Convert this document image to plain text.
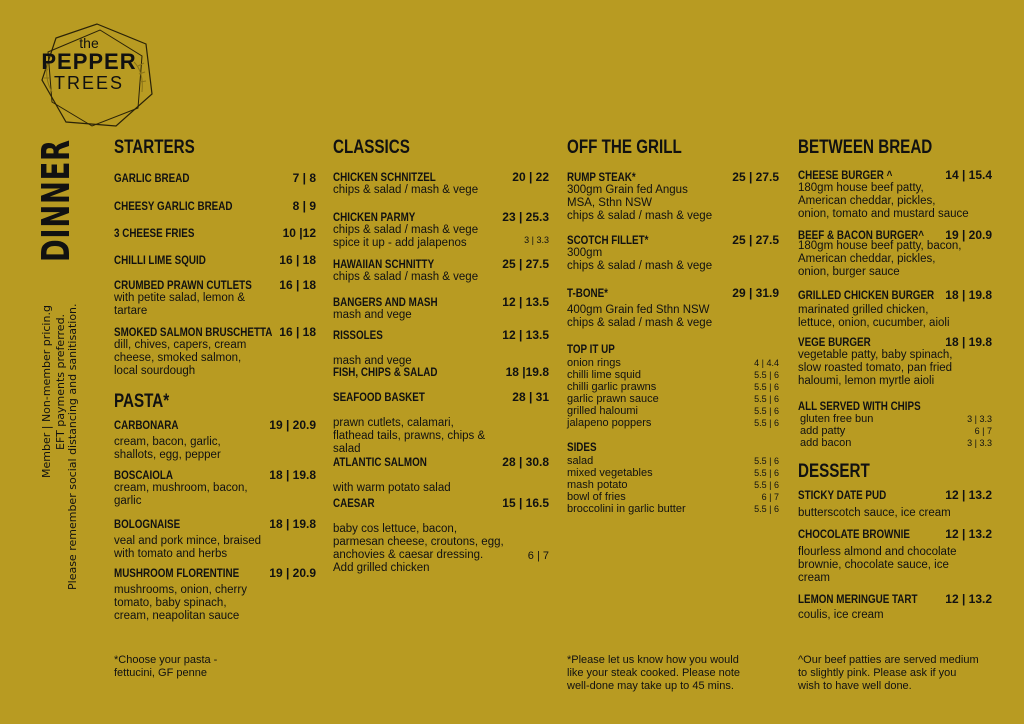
the
PEPPER
TREES
DINNER
Member | Non-member pricin.g EFT payments preferred. Please remember social distancing and sanitisation.
STARTERS
GARLIC BREAD	7 | 8
CHEESY GARLIC BREAD	8 | 9
3 CHEESE FRIES	10 |12
CHILLI LIME SQUID	16 | 18
CRUMBED PRAWN CUTLETS	16 | 18
with petite salad, lemon &
tartare
SMOKED SALMON BRUSCHETTA 16 | 18
dill, chives, capers, cream
cheese, smoked salmon,
local sourdough
PASTA*
CARBONARA	19 | 20.9
cream, bacon, garlic,
shallots, egg, pepper
BOSCAIOLA	18 | 19.8
cream, mushroom, bacon,
garlic
BOLOGNAISE	18 | 19.8
veal and pork mince, braised
with tomato and herbs
MUSHROOM FLORENTINE	19 | 20.9
mushrooms, onion, cherry
tomato, baby spinach,
cream, neapolitan sauce
*Choose your pasta -
fettucini, GF penne
CLASSICS
CHICKEN SCHNITZEL	20 | 22
chips & salad / mash & vege
CHICKEN PARMY	23 | 25.3
chips & salad / mash & vege
spice it up - add jalapenos	3 | 3.3
HAWAIIAN SCHNITTY	25 | 27.5
chips & salad / mash & vege
BANGERS AND MASH	12 | 13.5
mash and vege
RISSOLES	12 | 13.5

mash and vege
FISH, CHIPS & SALAD	18 |19.8
SEAFOOD BASKET	28 | 31

prawn cutlets, calamari,
flathead tails, prawns, chips &
salad
ATLANTIC SALMON	28 | 30.8

with warm potato salad
CAESAR	15 | 16.5

baby cos lettuce, bacon,
parmesan cheese, croutons, egg,
anchovies & caesar dressing.
Add grilled chicken
6 | 7
OFF THE GRILL
RUMP STEAK*	25 | 27.5
300gm Grain fed Angus
MSA, Sthn NSW
chips & salad / mash & vege
SCOTCH FILLET*	25 | 27.5
300gm
chips & salad / mash & vege
T-BONE*	29 | 31.9
400gm Grain fed Sthn NSW
chips & salad / mash & vege
TOP IT UP
onion rings	4 | 4.4
chilli lime squid	5.5 | 6
chilli garlic prawns	5.5 | 6
garlic prawn sauce	5.5 | 6
grilled haloumi	5.5 | 6
jalapeno poppers	5.5 | 6
SIDES
salad	5.5 | 6
mixed vegetables	5.5 | 6
mash potato	5.5 | 6
bowl of fries	6 | 7
broccolini in garlic butter	5.5 | 6
*Please let us know how you would
like your steak cooked. Please note
well-done may take up to 45 mins.
BETWEEN BREAD
CHEESE BURGER ^	14 | 15.4
180gm house beef patty,
American cheddar, pickles,
onion, tomato and mustard sauce
BEEF & BACON BURGER^	19 | 20.9
180gm house beef patty, bacon,
American cheddar, pickles,
onion, burger sauce
GRILLED CHICKEN BURGER 18 | 19.8
marinated grilled chicken,
lettuce, onion, cucumber, aioli
VEGE BURGER	18 | 19.8
vegetable patty, baby spinach,
slow roasted tomato, pan fried
haloumi, lemon myrtle aioli
ALL SERVED WITH CHIPS
gluten free bun	3 | 3.3
add patty	6 | 7
add bacon	3 | 3.3
DESSERT
STICKY DATE PUD	12 | 13.2

butterscotch sauce, ice cream
CHOCOLATE BROWNIE	12 | 13.2

flourless almond and chocolate
brownie, chocolate sauce, ice
cream
LEMON MERINGUE TART	12 | 13.2

coulis, ice cream
^Our beef patties are served medium
to slightly pink. Please ask if you
wish to have well done.
